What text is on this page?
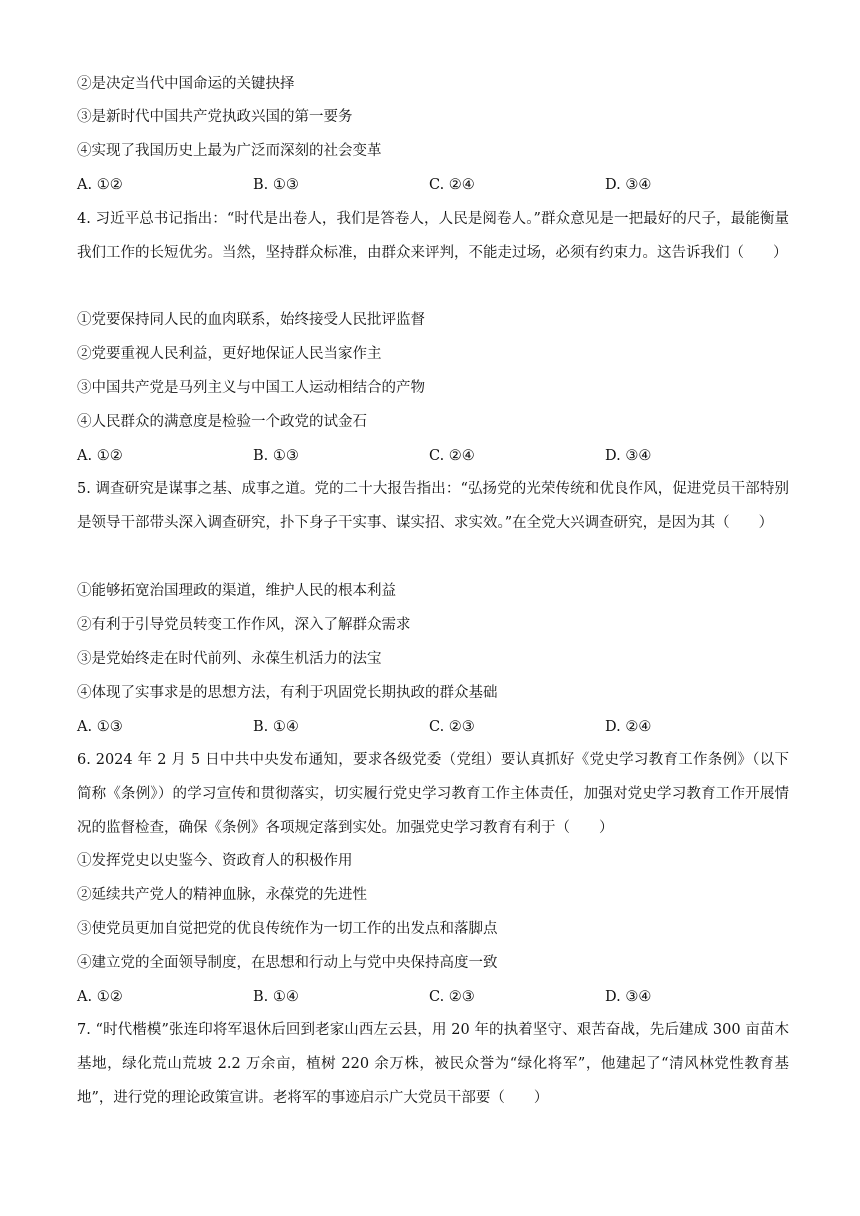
②是决定当代中国命运的关键抉择
③是新时代中国共产党执政兴国的第一要务
④实现了我国历史上最为广泛而深刻的社会变革
A. ①②	B. ①③	C. ②④	D. ③④
4. 习近平总书记指出：“时代是出卷人，我们是答卷人，人民是阅卷人。”群众意见是一把最好的尺子，最能衡量我们工作的长短优劣。当然，坚持群众标准，由群众来评判，不能走过场，必须有约束力。这告诉我们（　　）
①党要保持同人民的血肉联系，始终接受人民批评监督
②党要重视人民利益，更好地保证人民当家作主
③中国共产党是马列主义与中国工人运动相结合的产物
④人民群众的满意度是检验一个政党的试金石
A. ①②	B. ①③	C. ②④	D. ③④
5. 调查研究是谋事之基、成事之道。党的二十大报告指出：“弘扬党的光荣传统和优良作风，促进党员干部特别是领导干部带头深入调查研究，扑下身子干实事、谋实招、求实效。”在全党大兴调查研究，是因为其（　　）
①能够拓宽治国理政的渠道，维护人民的根本利益
②有利于引导党员转变工作作风，深入了解群众需求
③是党始终走在时代前列、永葆生机活力的法宝
④体现了实事求是的思想方法，有利于巩固党长期执政的群众基础
A. ①③	B. ①④	C. ②③	D. ②④
6. 2024 年 2 月 5 日中共中央发布通知，要求各级党委（党组）要认真抓好《党史学习教育工作条例》（以下简称《条例》）的学习宣传和贯彻落实，切实履行党史学习教育工作主体责任，加强对党史学习教育工作开展情况的监督检查，确保《条例》各项规定落到实处。加强党史学习教育有利于（　　）
①发挥党史以史鉴今、资政育人的积极作用
②延续共产党人的精神血脉，永葆党的先进性
③使党员更加自觉把党的优良传统作为一切工作的出发点和落脚点
④建立党的全面领导制度，在思想和行动上与党中央保持高度一致
A. ①②	B. ①④	C. ②③	D. ③④
7. “时代楷模”张连印将军退休后回到老家山西左云县，用 20 年的执着坚守、艰苦奋战，先后建成 300 亩苗木基地，绿化荒山荒坡 2.2 万余亩，植树 220 余万株，被民众誉为“绿化将军”，他建起了“清风林党性教育基地”，进行党的理论政策宣讲。老将军的事迹启示广大党员干部要（　　）
